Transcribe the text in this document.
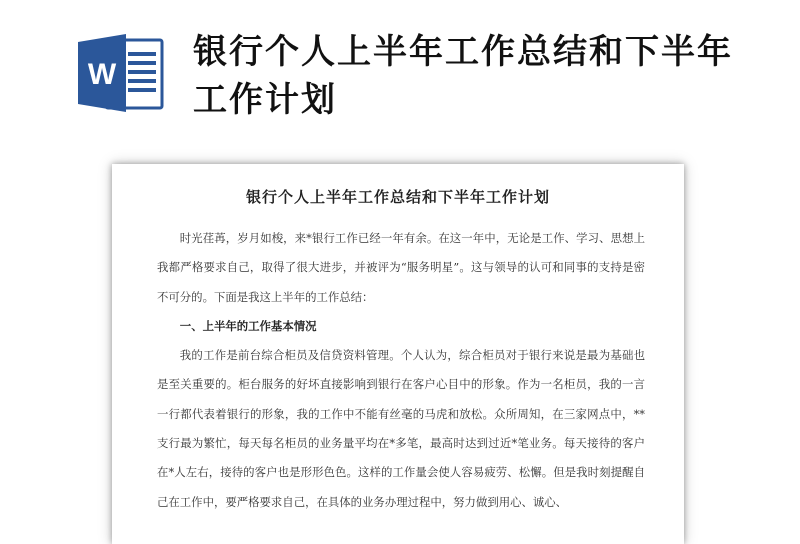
W
银行个人上半年工作总结和下半年工作计划
银行个人上半年工作总结和下半年工作计划

时光荏苒，岁月如梭，来*银行工作已经一年有余。在这一年中，无论是工作、学习、思想上我都严格要求自己，取得了很大进步，并被评为“服务明星”。这与领导的认可和同事的支持是密不可分的。下面是我这上半年的工作总结：

一、上半年的工作基本情况

我的工作是前台综合柜员及信贷资料管理。个人认为，综合柜员对于银行来说是最为基础也是至关重要的。柜台服务的好坏直接影响到银行在客户心目中的形象。作为一名柜员，我的一言一行都代表着银行的形象，我的工作中不能有丝毫的马虎和放松。众所周知，在三家网点中，**支行最为繁忙，每天每名柜员的业务量平均在*多笔，最高时达到过近*笔业务。每天接待的客户在*人左右，接待的客户也是形形色色。这样的工作量会使人容易疲劳、松懈。但是我时刻提醒自己在工作中，要严格要求自己，在具体的业务办理过程中，努力做到用心、诚心、
